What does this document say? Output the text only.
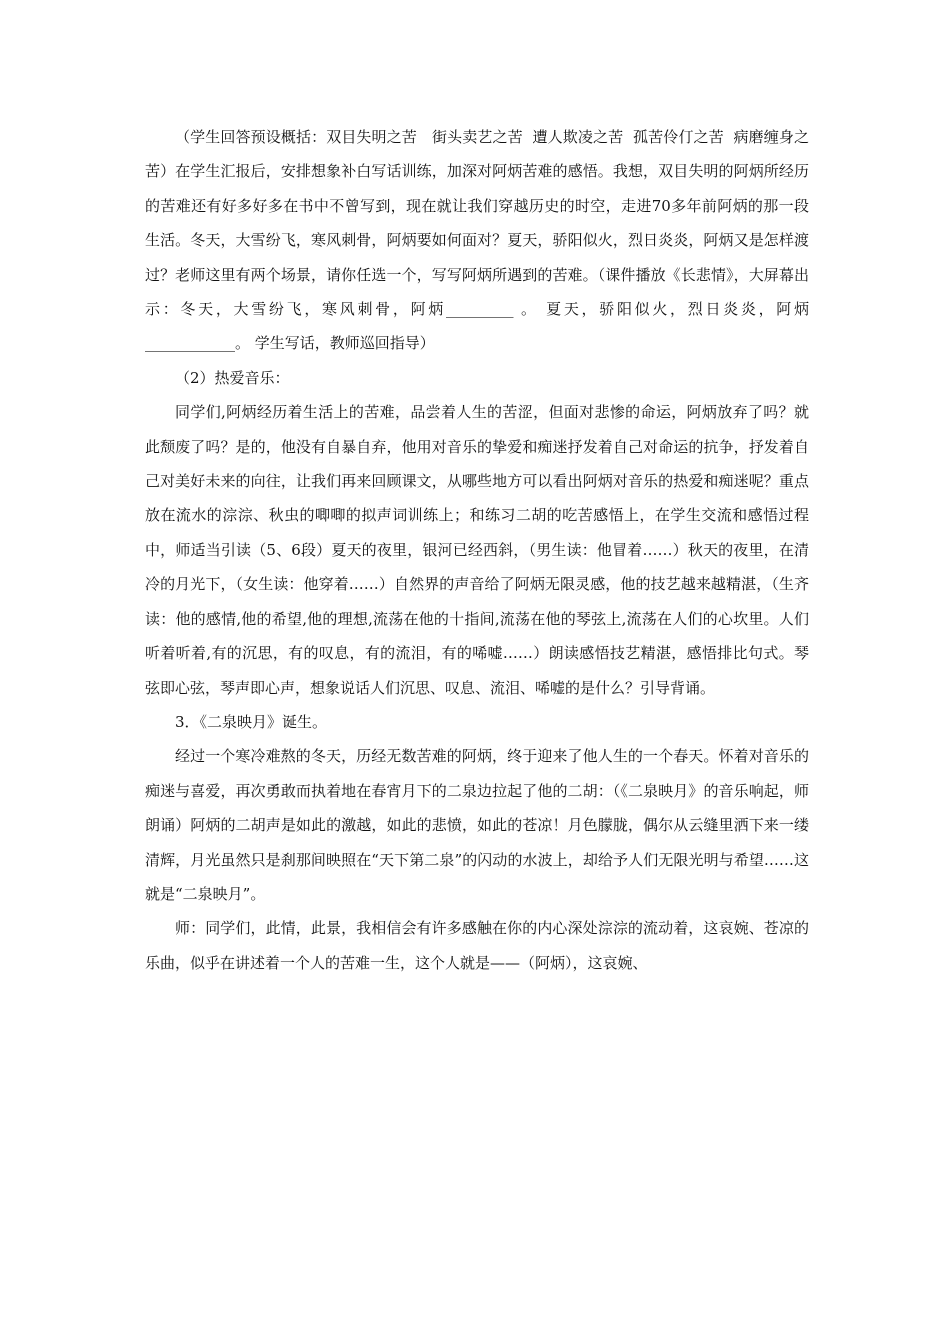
（学生回答预设概括：双目失明之苦　街头卖艺之苦  遭人欺凌之苦  孤苦伶仃之苦  病磨缠身之苦）在学生汇报后，安排想象补白写话训练，加深对阿炳苦难的感悟。我想，双目失明的阿炳所经历的苦难还有好多好多在书中不曾写到，现在就让我们穿越历史的时空，走进70多年前阿炳的那一段生活。冬天，大雪纷飞，寒风刺骨，阿炳要如何面对？夏天，骄阳似火，烈日炎炎，阿炳又是怎样渡过？老师这里有两个场景，请你任选一个，写写阿炳所遇到的苦难。（课件播放《长悲情》，大屏幕出示：冬天，大雪纷飞，寒风刺骨，阿炳_________ 。 夏天，骄阳似火，烈日炎炎，阿炳____________。 学生写话，教师巡回指导）

（2）热爱音乐：

同学们,阿炳经历着生活上的苦难，品尝着人生的苦涩，但面对悲惨的命运，阿炳放弃了吗？就此颓废了吗？是的，他没有自暴自弃，他用对音乐的挚爱和痴迷抒发着自己对命运的抗争，抒发着自己对美好未来的向往，让我们再来回顾课文，从哪些地方可以看出阿炳对音乐的热爱和痴迷呢？重点放在流水的淙淙、秋虫的唧唧的拟声词训练上；和练习二胡的吃苦感悟上，在学生交流和感悟过程中，师适当引读（5、6段）夏天的夜里，银河已经西斜，（男生读：他冒着……）秋天的夜里，在清冷的月光下，（女生读：他穿着……）自然界的声音给了阿炳无限灵感，他的技艺越来越精湛，（生齐读：他的感情,他的希望,他的理想,流荡在他的十指间,流荡在他的琴弦上,流荡在人们的心坎里。人们听着听着,有的沉思，有的叹息，有的流泪，有的唏嘘……）朗读感悟技艺精湛，感悟排比句式。琴弦即心弦，琴声即心声，想象说话人们沉思、叹息、流泪、唏嘘的是什么？引导背诵。

3．《二泉映月》诞生。

经过一个寒冷难熬的冬天，历经无数苦难的阿炳，终于迎来了他人生的一个春天。怀着对音乐的痴迷与喜爱，再次勇敢而执着地在春宵月下的二泉边拉起了他的二胡：（《二泉映月》的音乐响起，师朗诵）阿炳的二胡声是如此的激越，如此的悲愤，如此的苍凉！月色朦胧，偶尔从云缝里洒下来一缕清辉，月光虽然只是刹那间映照在“天下第二泉”的闪动的水波上，却给予人们无限光明与希望……这就是“二泉映月”。

师：同学们，此情，此景，我相信会有许多感触在你的内心深处淙淙的流动着，这哀婉、苍凉的乐曲，似乎在讲述着一个人的苦难一生，这个人就是——（阿炳），这哀婉、
